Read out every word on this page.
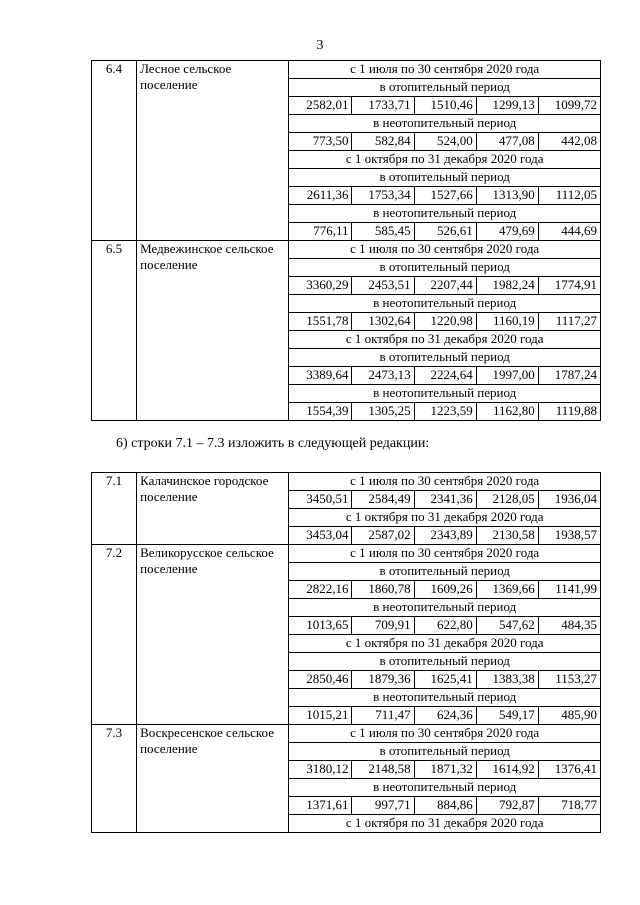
3
6.4	Лесное сельское поселение	с 1 июля по 30 сентября 2020 года				
		в отопительный период				
		2582,01	1733,71	1510,46	1299,13	1099,72
		в неотопительный период				
		773,50	582,84	524,00	477,08	442,08
		с 1 октября по 31 декабря 2020 года				
		в отопительный период				
		2611,36	1753,34	1527,66	1313,90	1112,05
		в неотопительный период				
		776,11	585,45	526,61	479,69	444,69
6.5	Медвежинское сельское поселение	с 1 июля по 30 сентября 2020 года				
		в отопительный период				
		3360,29	2453,51	2207,44	1982,24	1774,91
		в неотопительный период				
		1551,78	1302,64	1220,98	1160,19	1117,27
		с 1 октября по 31 декабря 2020 года				
		в отопительный период				
		3389,64	2473,13	2224,64	1997,00	1787,24
		в неотопительный период				
		1554,39	1305,25	1223,59	1162,80	1119,88
6) строки 7.1 – 7.3 изложить в следующей редакции:
7.1	Калачинское городское поселение	с 1 июля по 30 сентября 2020 года				
		3450,51	2584,49	2341,36	2128,05	1936,04
		с 1 октября по 31 декабря 2020 года				
		3453,04	2587,02	2343,89	2130,58	1938,57
7.2	Великорусское сельское поселение	с 1 июля по 30 сентября 2020 года				
		в отопительный период				
		2822,16	1860,78	1609,26	1369,66	1141,99
		в неотопительный период				
		1013,65	709,91	622,80	547,62	484,35
		с 1 октября по 31 декабря 2020 года				
		в отопительный период				
		2850,46	1879,36	1625,41	1383,38	1153,27
		в неотопительный период				
		1015,21	711,47	624,36	549,17	485,90
7.3	Воскресенское сельское поселение	с 1 июля по 30 сентября 2020 года				
		в отопительный период				
		3180,12	2148,58	1871,32	1614,92	1376,41
		в неотопительный период				
		1371,61	997,71	884,86	792,87	718,77
		с 1 октября по 31 декабря 2020 года				
